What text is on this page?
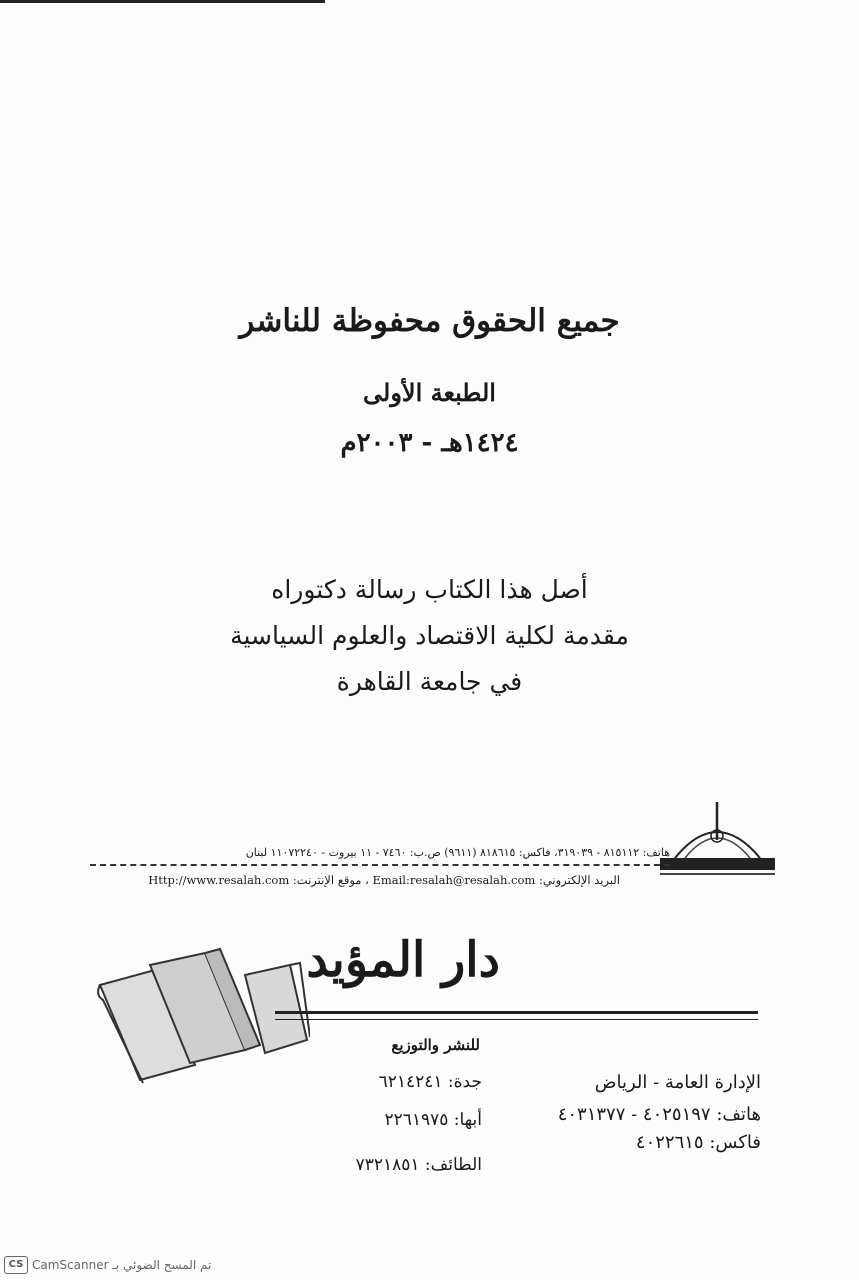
جميع الحقوق محفوظة للناشر
الطبعة الأولى
١٤٢٤هـ - ٢٠٠٣م
أصل هذا الكتاب رسالة دكتوراه
مقدمة لكلية الاقتصاد والعلوم السياسية
في جامعة القاهرة
هاتف: ٨١٥١١٢ - ٣١٩٠٣٩، فاكس: ٨١٨٦١٥ (٩٦١١) ص.ب: ٧٤٦٠ - ١١ بيروت - ١١٠٧٢٢٤٠ لبنان
البريد الإلكتروني: Email:resalah@resalah.com ، موقع الإنترنت: Http://www.resalah.com
دار المؤيد
للنشر والتوزيع
الإدارة العامة - الرياض
هاتف: ٤٠٢٥١٩٧ - ٤٠٣١٣٧٧
فاكس: ٤٠٢٢٦١٥
جدة: ٦٢١٤٢٤١
أبها: ٢٢٦١٩٧٥
الطائف: ٧٣٢١٨٥١
CS تم المسح الضوئي بـ CamScanner
